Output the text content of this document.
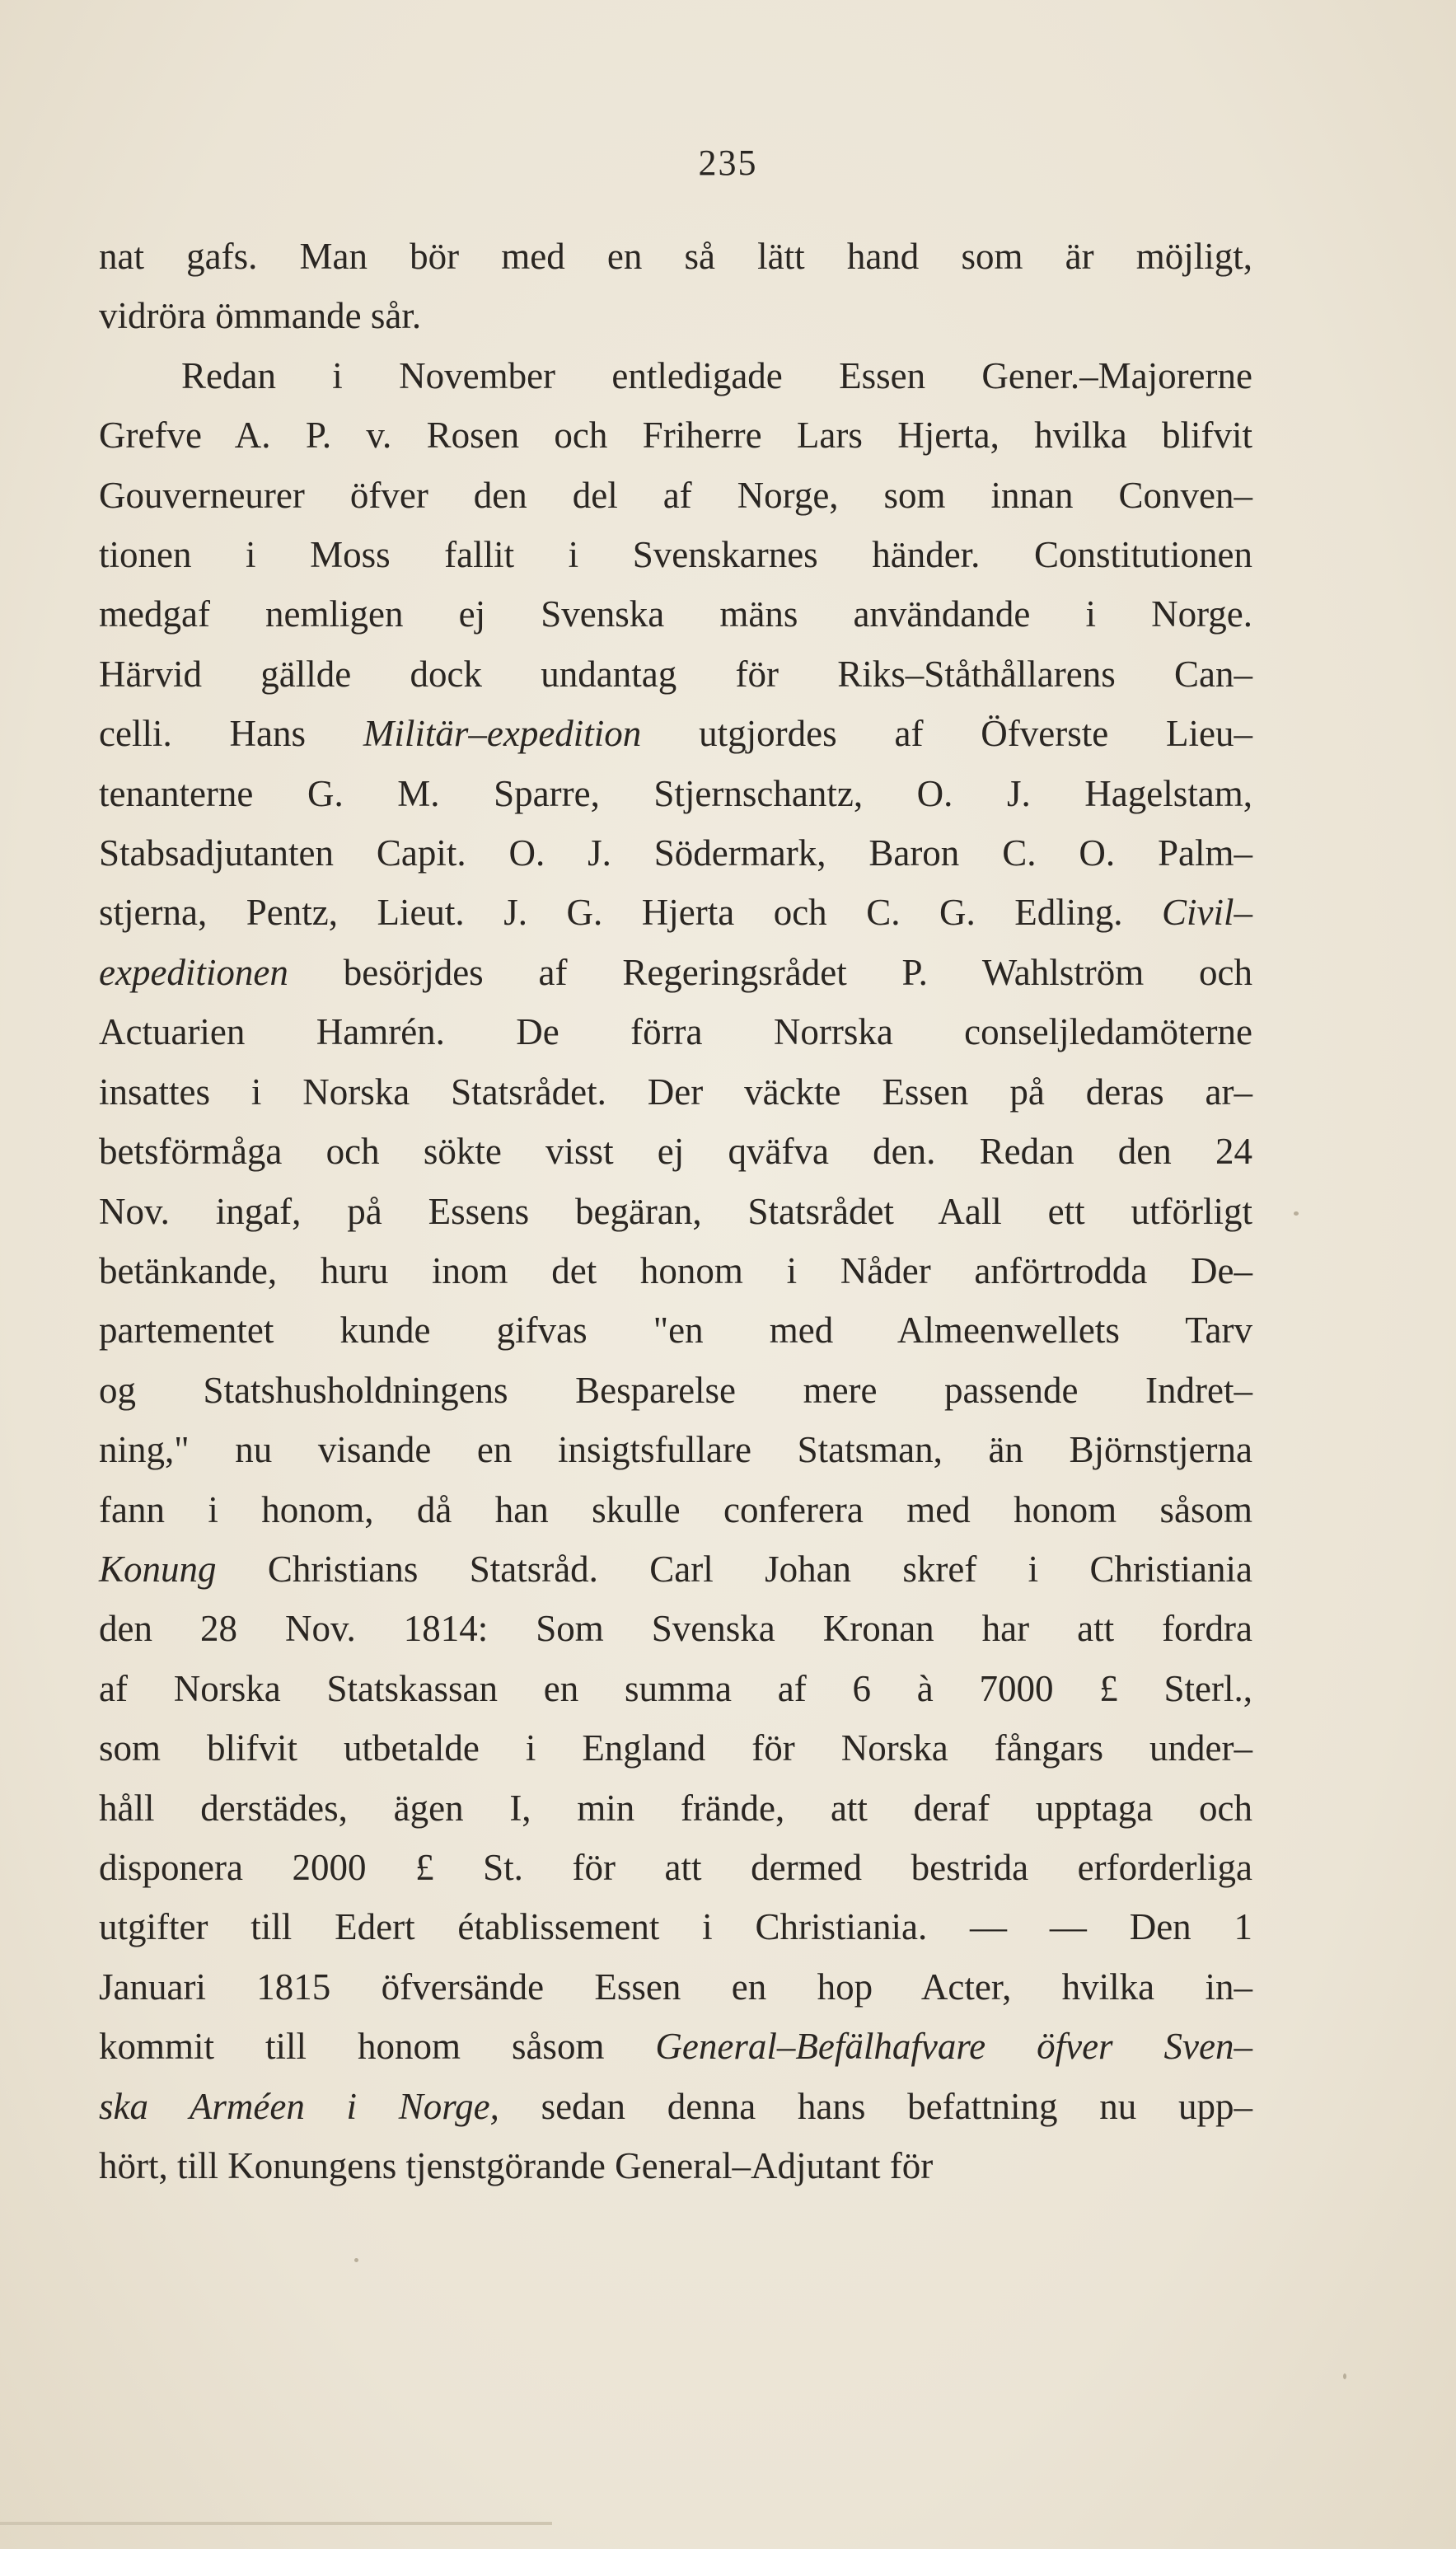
235
nat gafs. Man bör med en så lätt hand som är möjligt,
vidröra ömmande sår.
Redan i November entledigade Essen Gener.–Majorerne
Grefve A. P. v. Rosen och Friherre Lars Hjerta, hvilka blifvit
Gouverneurer öfver den del af Norge, som innan Conven–
tionen i Moss fallit i Svenskarnes händer. Constitutionen
medgaf nemligen ej Svenska mäns användande i Norge.
Härvid gällde dock undantag för Riks–Ståthållarens Can–
celli. Hans Militär–expedition utgjordes af Öfverste Lieu–
tenanterne G. M. Sparre, Stjernschantz, O. J. Hagelstam,
Stabsadjutanten Capit. O. J. Södermark, Baron C. O. Palm–
stjerna, Pentz, Lieut. J. G. Hjerta och C. G. Edling. Civil–
expeditionen besörjdes af Regeringsrådet P. Wahlström och
Actuarien Hamrén. De förra Norrska conseljledamöterne
insattes i Norska Statsrådet. Der väckte Essen på deras ar–
betsförmåga och sökte visst ej qväfva den. Redan den 24
Nov. ingaf, på Essens begäran, Statsrådet Aall ett utförligt
betänkande, huru inom det honom i Nåder anförtrodda De–
partementet kunde gifvas "en med Almeenwellets Tarv
og Statshusholdningens Besparelse mere passende Indret–
ning," nu visande en insigtsfullare Statsman, än Björnstjerna
fann i honom, då han skulle conferera med honom såsom
Konung Christians Statsråd. Carl Johan skref i Christiania
den 28 Nov. 1814: Som Svenska Kronan har att fordra
af Norska Statskassan en summa af 6 à 7000 £ Sterl.,
som blifvit utbetalde i England för Norska fångars under–
håll derstädes, ägen I, min frände, att deraf upptaga och
disponera 2000 £ St. för att dermed bestrida erforderliga
utgifter till Edert établissement i Christiania. — — Den 1
Januari 1815 öfversände Essen en hop Acter, hvilka in–
kommit till honom såsom General–Befälhafvare öfver Sven–
ska Arméen i Norge, sedan denna hans befattning nu upp–
hört, till Konungens tjenstgörande General–Adjutant för
